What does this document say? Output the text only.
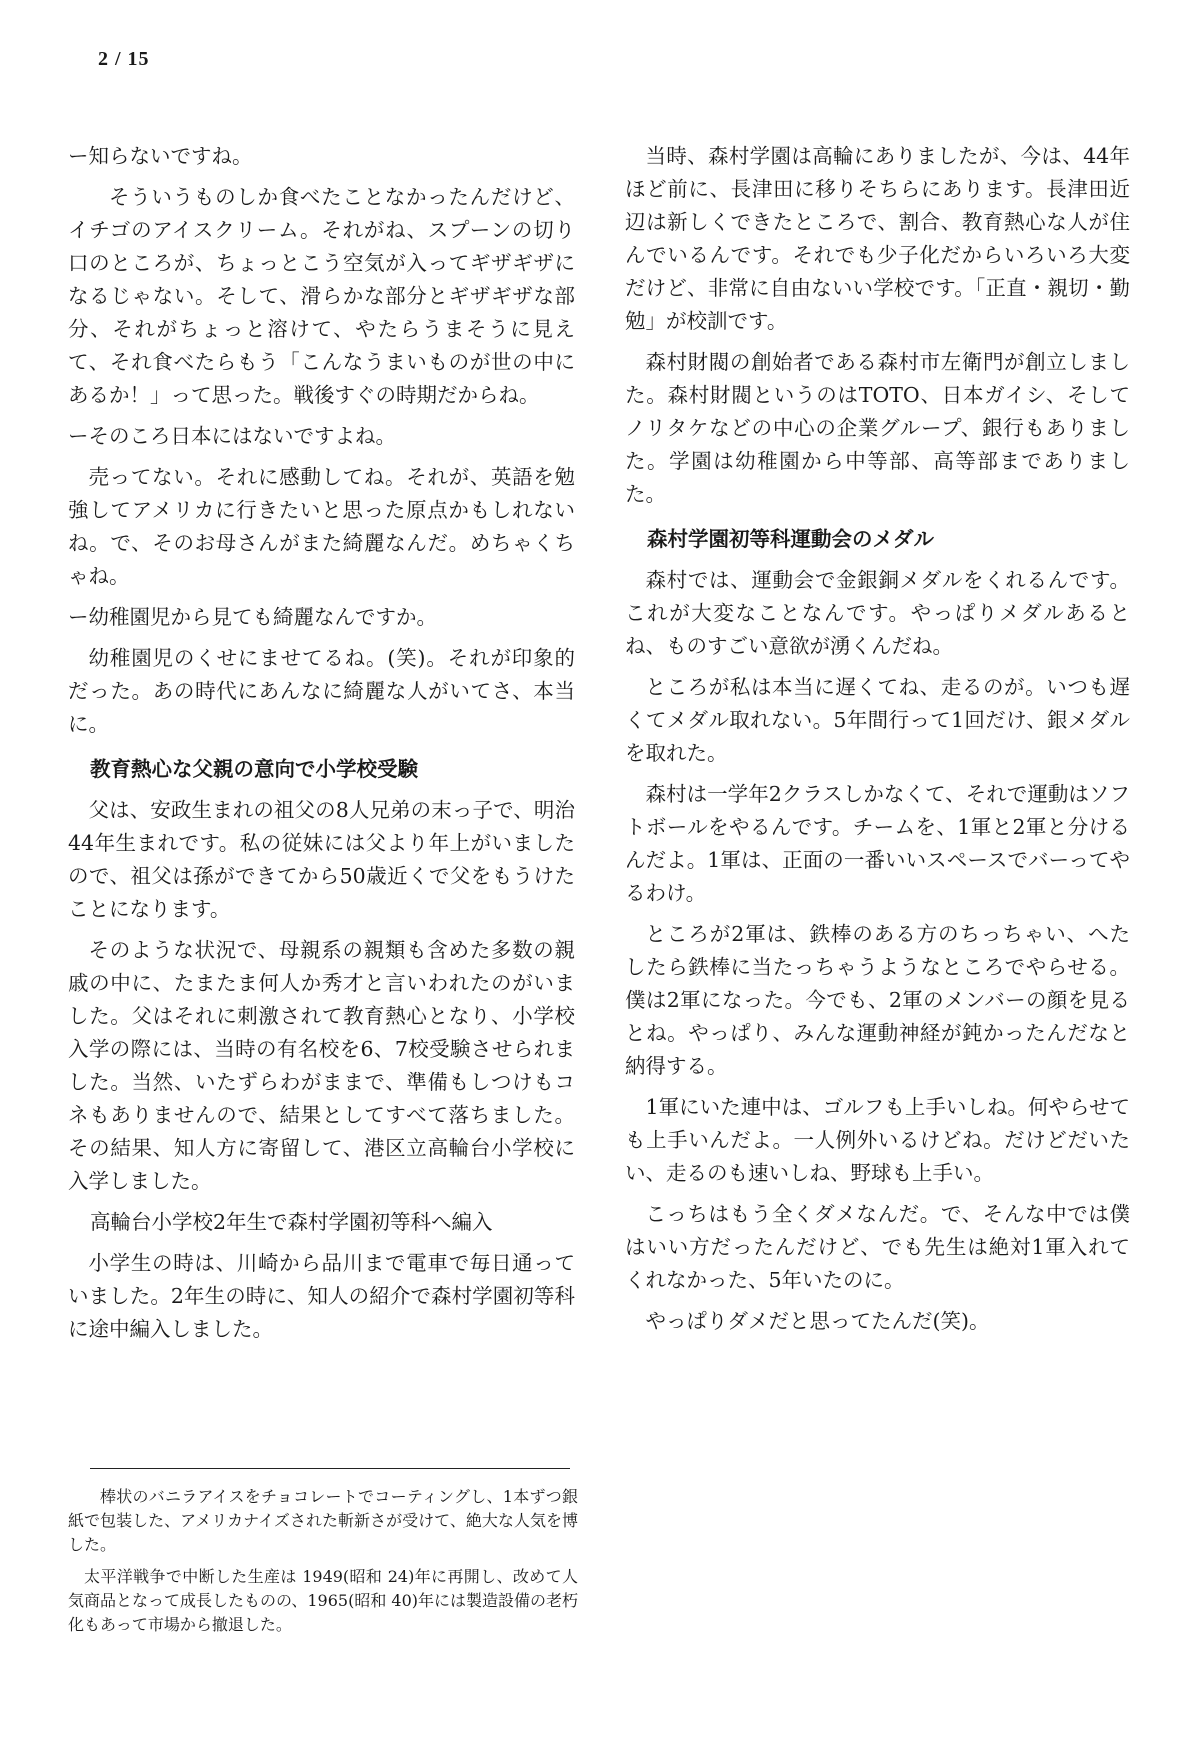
2 / 15

ー知らないですね。

そういうものしか食べたことなかったんだけど、イチゴのアイスクリーム。それがね、スプーンの切り口のところが、ちょっとこう空気が入ってギザギザになるじゃない。そして、滑らかな部分とギザギザな部分、それがちょっと溶けて、やたらうまそうに見えて、それ食べたらもう「こんなうまいものが世の中にあるか！」って思った。戦後すぐの時期だからね。

ーそのころ日本にはないですよね。

売ってない。それに感動してね。それが、英語を勉強してアメリカに行きたいと思った原点かもしれないね。で、そのお母さんがまた綺麗なんだ。めちゃくちゃね。

ー幼稚園児から見ても綺麗なんですか。

幼稚園児のくせにませてるね。(笑)。それが印象的だった。あの時代にあんなに綺麗な人がいてさ、本当に。

教育熱心な父親の意向で小学校受験

父は、安政生まれの祖父の8人兄弟の末っ子で、明治44年生まれです。私の従妹には父より年上がいましたので、祖父は孫ができてから50歳近くで父をもうけたことになります。

そのような状況で、母親系の親類も含めた多数の親戚の中に、たまたま何人か秀才と言いわれたのがいました。父はそれに刺激されて教育熱心となり、小学校入学の際には、当時の有名校を6、7校受験させられました。当然、いたずらわがままで、準備もしつけもコネもありませんので、結果としてすべて落ちました。その結果、知人方に寄留して、港区立高輪台小学校に入学しました。

高輪台小学校2年生で森村学園初等科へ編入

小学生の時は、川崎から品川まで電車で毎日通っていました。2年生の時に、知人の紹介で森村学園初等科に途中編入しました。

当時、森村学園は高輪にありましたが、今は、44年ほど前に、長津田に移りそちらにあります。長津田近辺は新しくできたところで、割合、教育熱心な人が住んでいるんです。それでも少子化だからいろいろ大変だけど、非常に自由ないい学校です。「正直・親切・勤勉」が校訓です。

森村財閥の創始者である森村市左衛門が創立しました。森村財閥というのはTOTO、日本ガイシ、そしてノリタケなどの中心の企業グループ、銀行もありました。学園は幼稚園から中等部、高等部までありました。

森村学園初等科運動会のメダル

森村では、運動会で金銀銅メダルをくれるんです。これが大変なことなんです。やっぱりメダルあるとね、ものすごい意欲が湧くんだね。

ところが私は本当に遅くてね、走るのが。いつも遅くてメダル取れない。5年間行って1回だけ、銀メダルを取れた。

森村は一学年2クラスしかなくて、それで運動はソフトボールをやるんです。チームを、1軍と2軍と分けるんだよ。1軍は、正面の一番いいスペースでバーってやるわけ。

ところが2軍は、鉄棒のある方のちっちゃい、へたしたら鉄棒に当たっちゃうようなところでやらせる。僕は2軍になった。今でも、2軍のメンバーの顔を見るとね。やっぱり、みんな運動神経が鈍かったんだなと納得する。

1軍にいた連中は、ゴルフも上手いしね。何やらせても上手いんだよ。一人例外いるけどね。だけどだいたい、走るのも速いしね、野球も上手い。

こっちはもう全くダメなんだ。で、そんな中では僕はいい方だったんだけど、でも先生は絶対1軍入れてくれなかった、5年いたのに。

やっぱりダメだと思ってたんだ(笑)。

棒状のバニラアイスをチョコレートでコーティングし、1本ずつ銀紙で包装した、アメリカナイズされた斬新さが受けて、絶大な人気を博した。

太平洋戦争で中断した生産は 1949(昭和 24)年に再開し、改めて人気商品となって成長したものの、1965(昭和 40)年には製造設備の老朽化もあって市場から撤退した。
